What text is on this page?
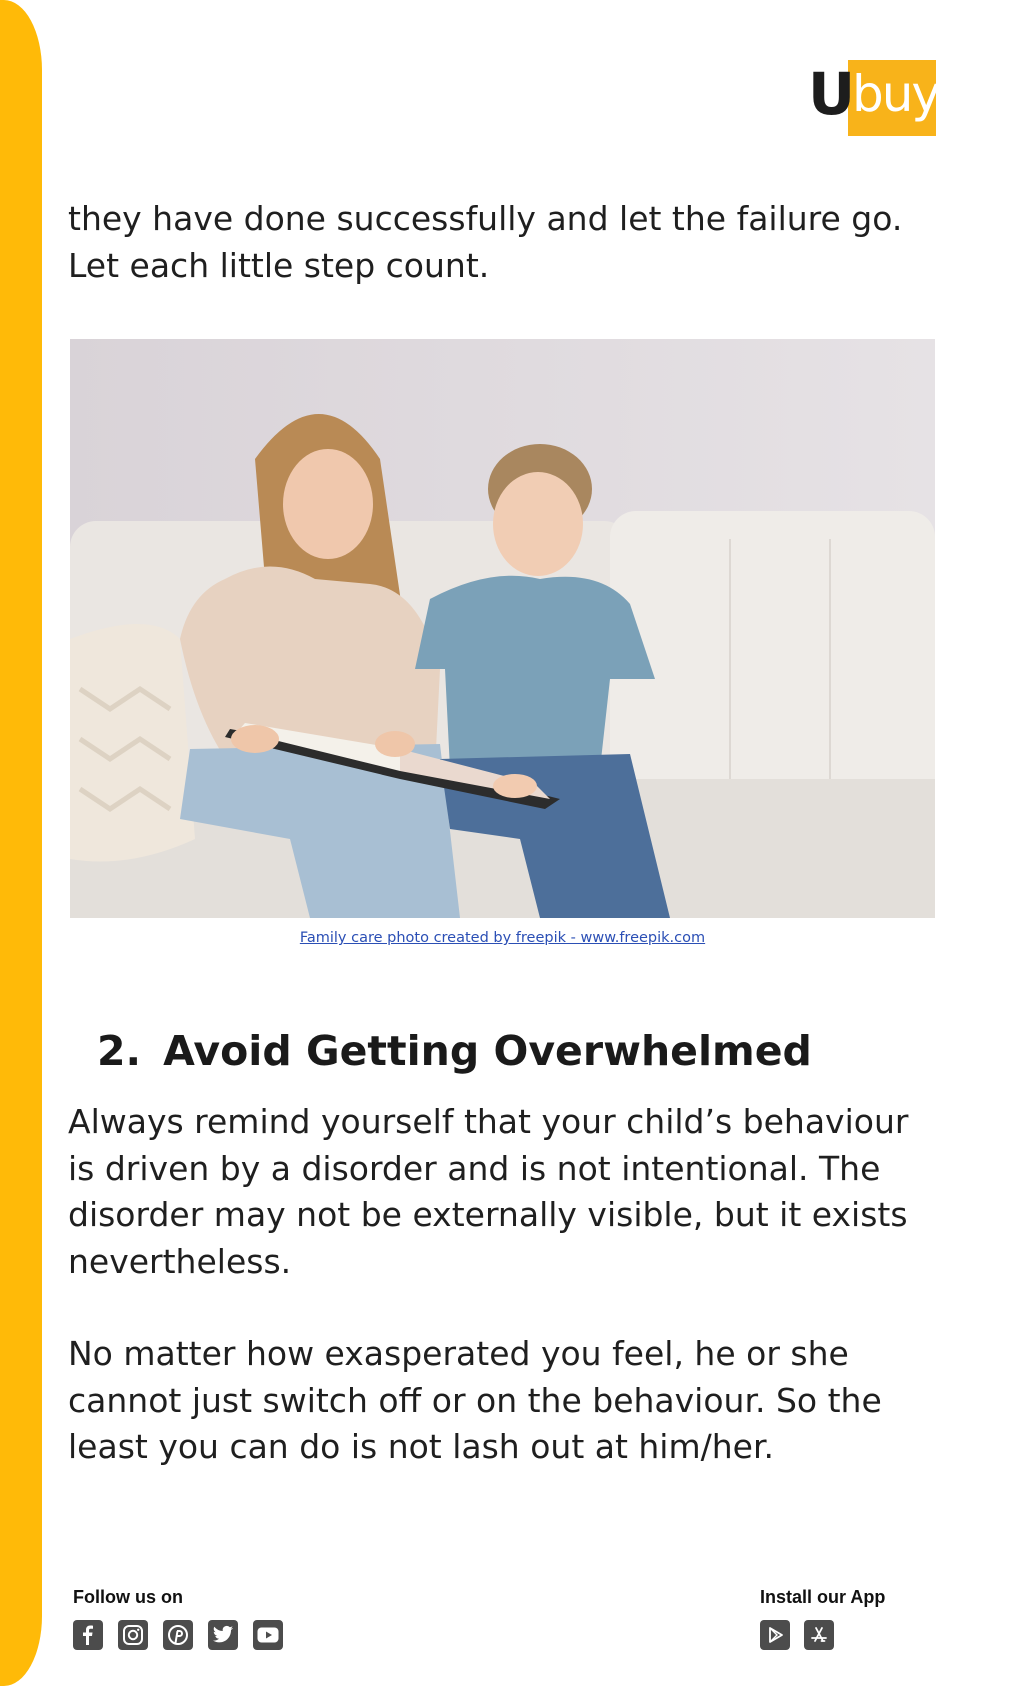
U
buy

they have done successfully and let the failure go. Let each little step count.

Family care photo created by freepik - www.freepik.com
2. Avoid Getting Overwhelmed

Always remind yourself that your child’s behaviour is driven by a disorder and is not intentional. The disorder may not be externally visible, but it exists nevertheless.

No matter how exasperated you feel, he or she cannot just switch off or on the behaviour. So the least you can do is not lash out at him/her.

Follow us on	Install our App
